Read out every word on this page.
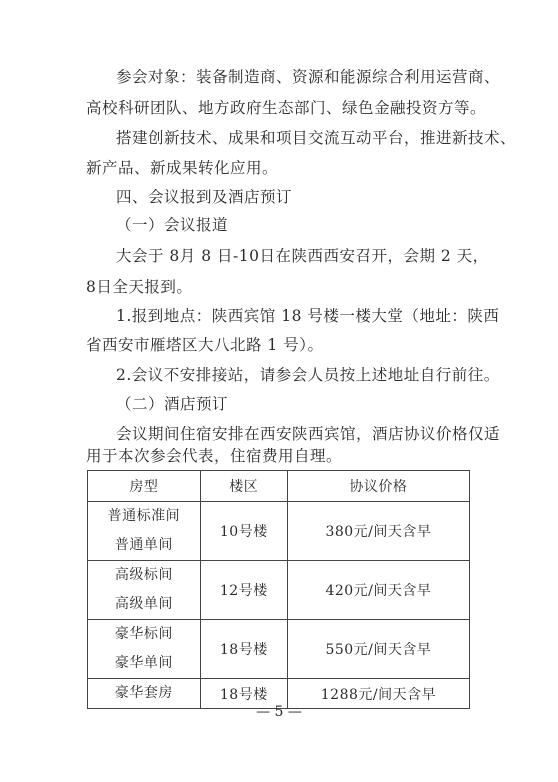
参会对象：装备制造商、资源和能源综合利用运营商、
高校科研团队、地方政府生态部门、绿色金融投资方等。
搭建创新技术、成果和项目交流互动平台，推进新技术、
新产品、新成果转化应用。
四、会议报到及酒店预订
（一）会议报道
大会于 8月 8 日-10日在陕西西安召开，会期 2 天，
8日全天报到。
1.报到地点：陕西宾馆 18 号楼一楼大堂（地址：陕西
省西安市雁塔区大八北路 1 号）。
2.会议不安排接站，请参会人员按上述地址自行前往。
（二）酒店预订
会议期间住宿安排在西安陕西宾馆，酒店协议价格仅适
用于本次参会代表，住宿费用自理。
房型	楼区	协议价格

普通标准间
普通单间	10号楼	380元/间天含早

高级标间
高级单间	12号楼	420元/间天含早

豪华标间
豪华单间	18号楼	550元/间天含早

豪华套房	18号楼	1288元/间天含早
— 5 —
